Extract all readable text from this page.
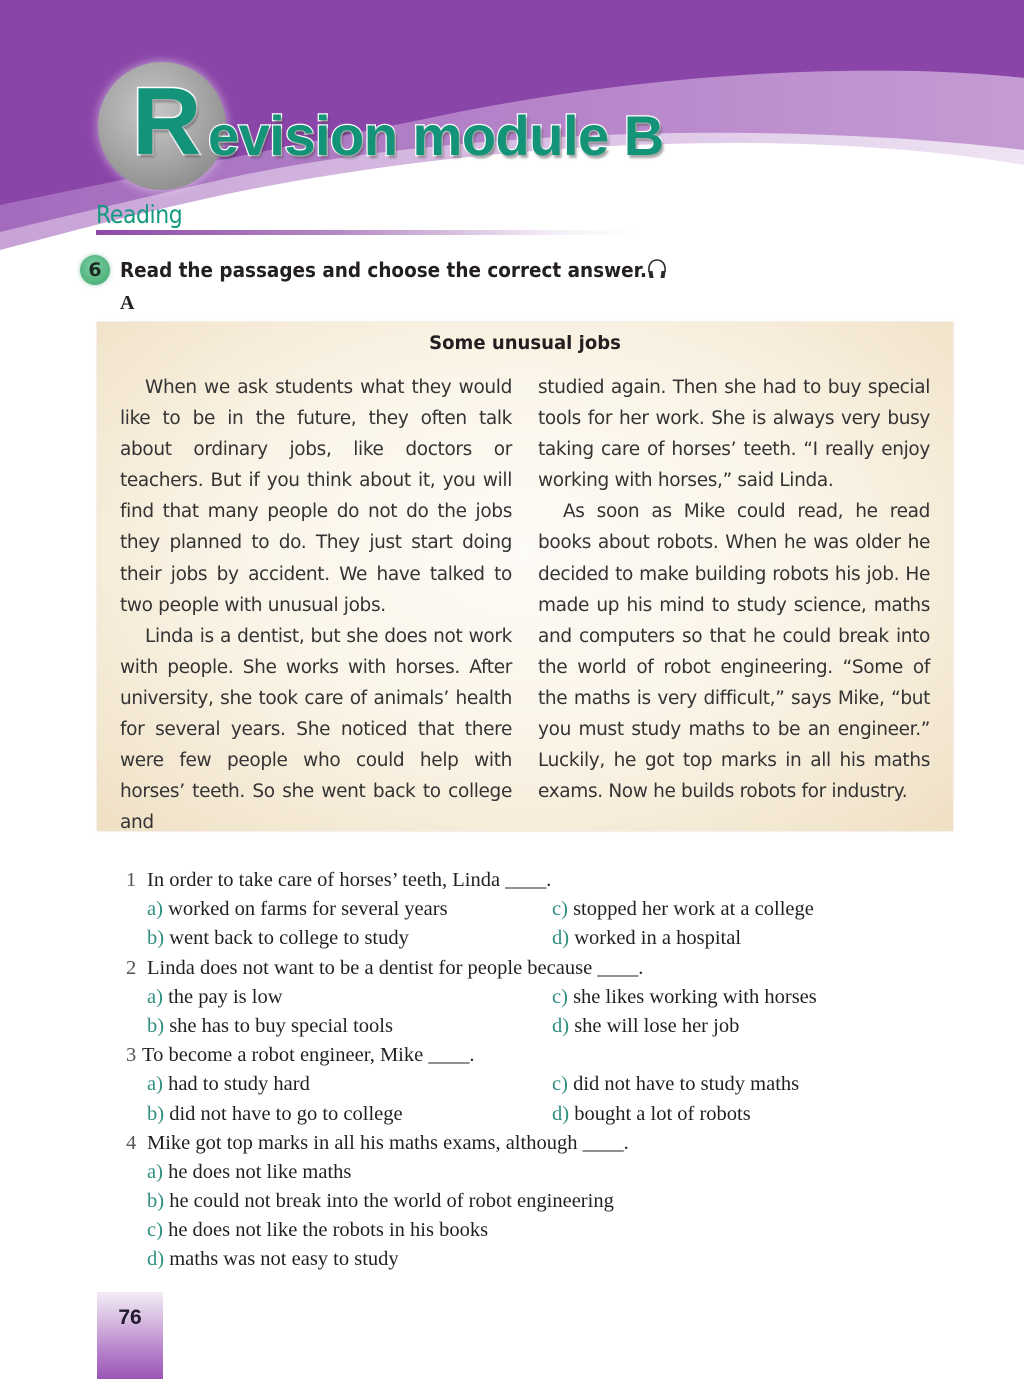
R evision module B
Reading
6 Read the passages and choose the correct answer.
A
Some unusual jobs

When we ask students what they would like to be in the future, they often talk about ordinary jobs, like doctors or teachers. But if you think about it, you will find that many people do not do the jobs they planned to do. They just start doing their jobs by accident. We have talked to two people with unusual jobs.

Linda is a dentist, but she does not work with people. She works with horses. After university, she took care of animals’ health for several years. She noticed that there were few people who could help with horses’ teeth. So she went back to college and

studied again. Then she had to buy special tools for her work. She is always very busy taking care of horses’ teeth. “I really enjoy working with horses,” said Linda.

As soon as Mike could read, he read books about robots. When he was older he decided to make building robots his job. He made up his mind to study science, maths and computers so that he could break into the world of robot engineering. “Some of the maths is very difficult,” says Mike, “but you must study maths to be an engineer.” Luckily, he got top marks in all his maths exams. Now he builds robots for industry.

1 In order to take care of horses’ teeth, Linda ____.
a) worked on farms for several years	c) stopped her work at a college
b) went back to college to study	d) worked in a hospital
2 Linda does not want to be a dentist for people because ____.
a) the pay is low	c) she likes working with horses
b) she has to buy special tools	d) she will lose her job
3 To become a robot engineer, Mike ____.
a) had to study hard	c) did not have to study maths
b) did not have to go to college	d) bought a lot of robots
4 Mike got top marks in all his maths exams, although ____.
a) he does not like maths
b) he could not break into the world of robot engineering
c) he does not like the robots in his books
d) maths was not easy to study
76
